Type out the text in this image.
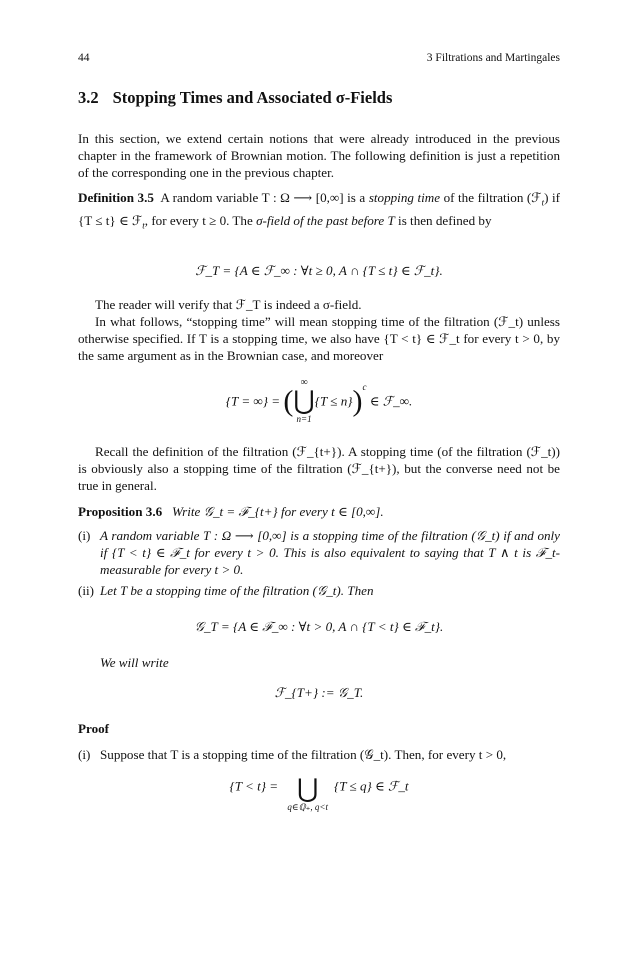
44	3 Filtrations and Martingales
3.2 Stopping Times and Associated σ-Fields
In this section, we extend certain notions that were already introduced in the previous chapter in the framework of Brownian motion. The following definition is just a repetition of the corresponding one in the previous chapter.
Definition 3.5 A random variable T : Ω ⟶ [0,∞] is a stopping time of the filtration (ℱ$_t$) if {T ≤ t} ∈ ℱ$_t$, for every t ≥ 0. The σ-field of the past before T is then defined by
ℱ_T = {A ∈ ℱ_∞ : ∀t ≥ 0, A ∩ {T ≤ t} ∈ ℱ_t}.
The reader will verify that ℱ_T is indeed a σ-field.
In what follows, “stopping time” will mean stopping time of the filtration (ℱ_t) unless otherwise specified. If T is a stopping time, we also have {T < t} ∈ ℱ_t for every t > 0, by the same argument as in the Brownian case, and moreover
{T = ∞} = (
∞
⋃
n=1
{T ≤ n})$^c$ ∈ ℱ_∞.
Recall the definition of the filtration (ℱ_{t+}). A stopping time (of the filtration (ℱ_t)) is obviously also a stopping time of the filtration (ℱ_{t+}), but the converse need not be true in general.
Proposition 3.6 Write 𝒢_t = ℱ_{t+} for every t ∈ [0,∞].
(i) A random variable T : Ω ⟶ [0,∞] is a stopping time of the filtration (𝒢_t) if and only if {T < t} ∈ ℱ_t for every t > 0. This is also equivalent to saying that T ∧ t is ℱ_t-measurable for every t > 0.
(ii) Let T be a stopping time of the filtration (𝒢_t). Then
𝒢_T = {A ∈ ℱ_∞ : ∀t > 0, A ∩ {T < t} ∈ ℱ_t}.
We will write
ℱ_{T+} := 𝒢_T.
Proof
(i) Suppose that T is a stopping time of the filtration (𝒢_t). Then, for every t > 0,
{T < t} = ⋃
q∈ℚ₊, q<t
{T ≤ q} ∈ ℱ_t
